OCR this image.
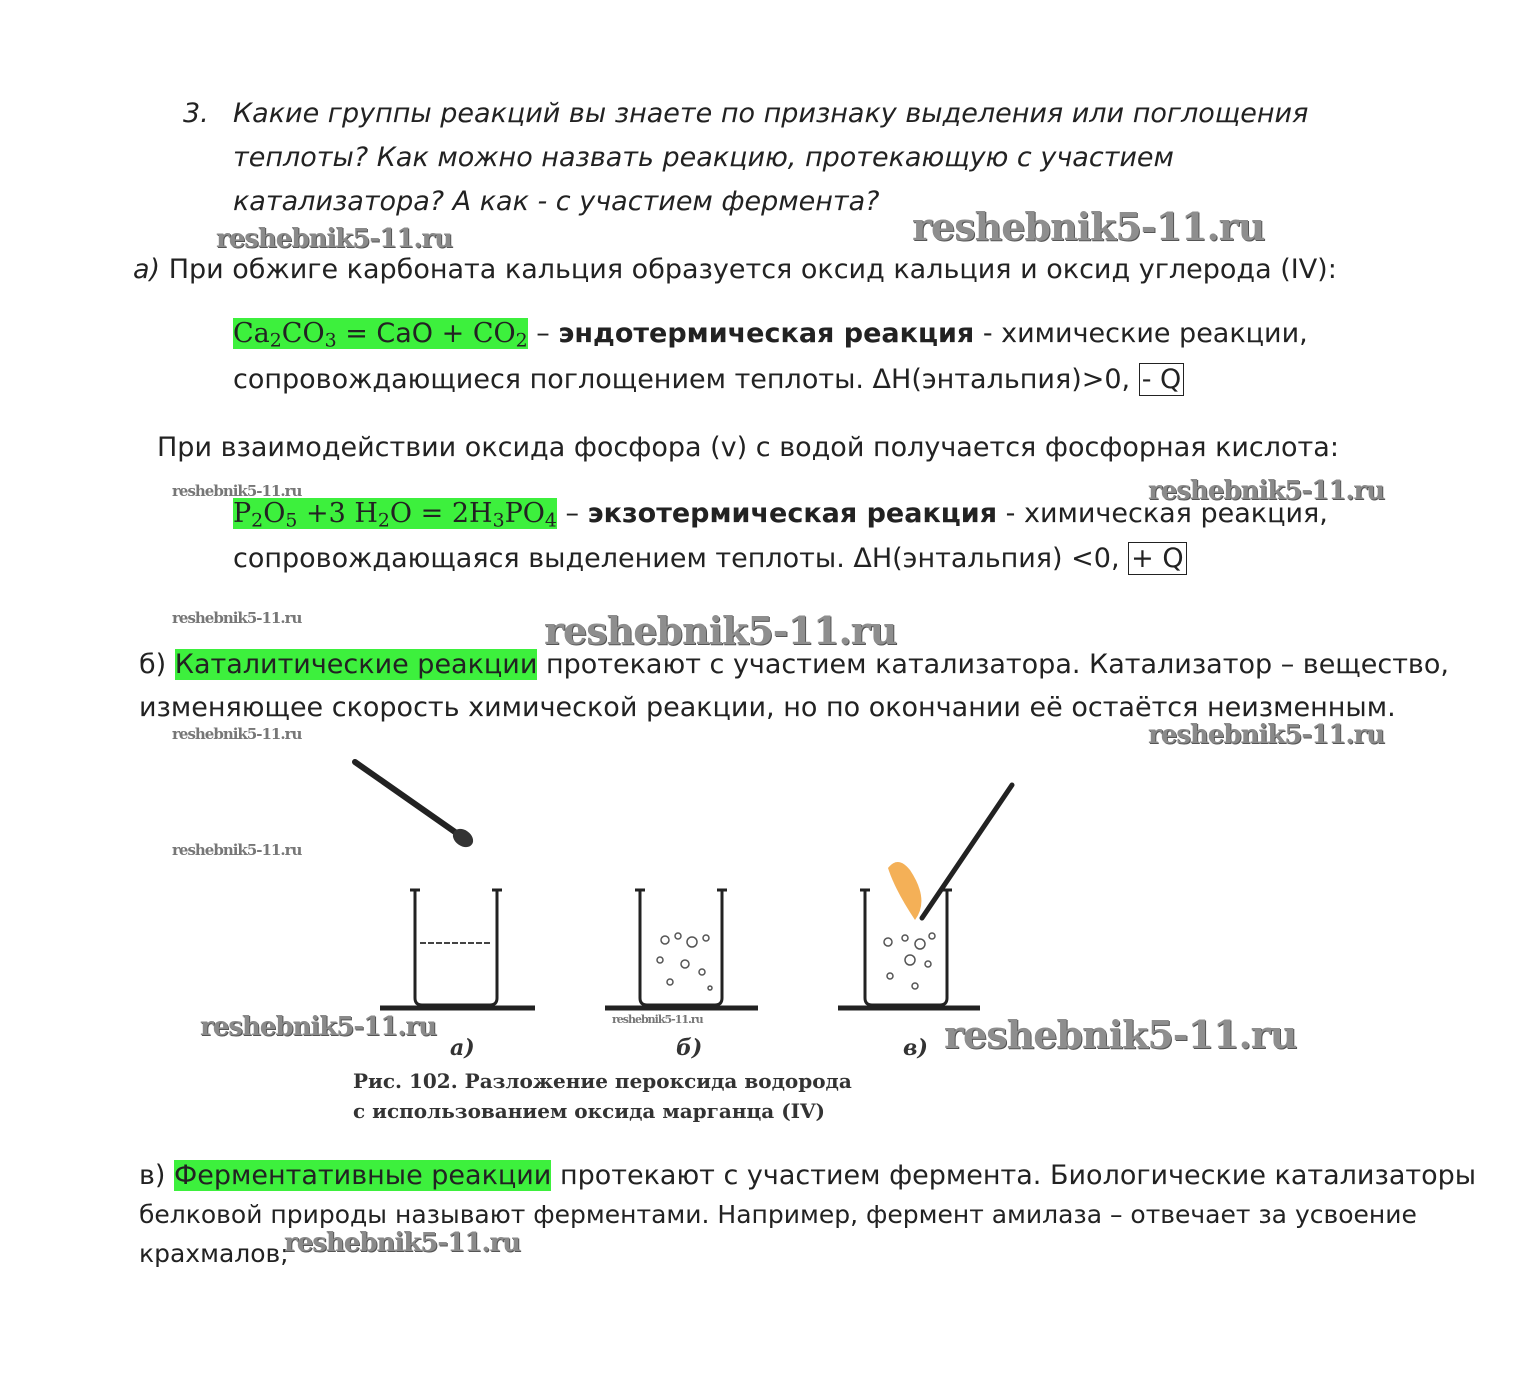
3. Какие группы реакций вы знаете по признаку выделения или поглощения
теплоты? Как можно назвать реакцию, протекающую с участием
катализатора? А как - с участием фермента?
а) При обжиге карбоната кальция образуется оксид кальция и оксид углерода (IV):
$Ca_2CO_3$ = CaO + $CO_2$ – эндотермическая реакция - химические реакции,
сопровождающиеся поглощением теплоты. ΔH(энтальпия)>0, - Q
При взаимодействии оксида фосфора (v) с водой получается фосфорная кислота:
$P_2O_5 +3$ $H_2O = 2H_3PO_4$ – экзотермическая реакция - химическая реакция,
сопровождающаяся выделением теплоты. ΔH(энтальпия) <0, + Q
б) Каталитические реакции протекают с участием катализатора. Катализатор – вещество,
изменяющее скорость химической реакции, но по окончании её остаётся неизменным.
а)	б)	в)
Рис. 102. Разложение пероксида водорода
с использованием оксида марганца (IV)
в) Ферментативные реакции протекают с участием фермента. Биологические катализаторы
белковой природы называют ферментами. Например, фермент амилаза – отвечает за усвоение
крахмалов;
reshebnik5-11.ru	reshebnik5-11.ru
reshebnik5-11.ru	reshebnik5-11.ru
reshebnik5-11.ru	reshebnik5-11.ru
reshebnik5-11.ru	reshebnik5-11.ru
reshebnik5-11.ru
reshebnik5-11.ru	reshebnik5-11.ru	reshebnik5-11.ru
reshebnik5-11.ru
